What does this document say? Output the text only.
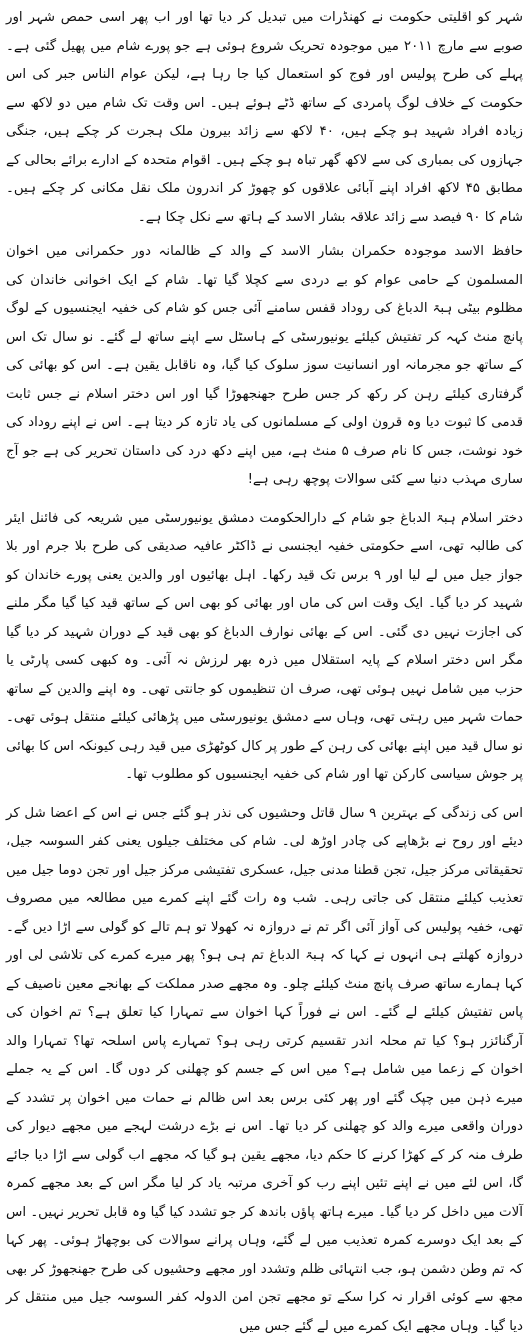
شہر کو اقلیتی حکومت نے کھنڈرات میں تبدیل کر دیا تھا اور اب پھر اسی حمص شہر اور صوبے سے مارچ ۲۰۱۱ میں موجودہ تحریک شروع ہوئی ہے جو پورے شام میں پھیل گئی ہے۔ پہلے کی طرح پولیس اور فوج کو استعمال کیا جا رہا ہے، لیکن عوام الناس جبر کی اس حکومت کے خلاف لوگ پامردی کے ساتھ ڈٹے ہوئے ہیں۔ اس وقت تک شام میں دو لاکھ سے زیادہ افراد شہید ہو چکے ہیں، ۴۰ لاکھ سے زائد بیرون ملک ہجرت کر چکے ہیں، جنگی جہازوں کی بمباری کی سے لاکھ گھر تباہ ہو چکے ہیں۔ اقوام متحدہ کے ادارے برائے بحالی کے مطابق ۴۵ لاکھ افراد اپنے آبائی علاقوں کو چھوڑ کر اندرون ملک نقل مکانی کر چکے ہیں۔ شام کا ۹۰ فیصد سے زائد علاقہ بشار الاسد کے ہاتھ سے نکل چکا ہے۔

حافظ الاسد موجودہ حکمران بشار الاسد کے والد کے ظالمانہ دور حکمرانی میں اخوان المسلمون کے حامی عوام کو بے دردی سے کچلا گیا تھا۔ شام کے ایک اخوانی خاندان کی مظلوم بیٹی ہبۃ الدباغ کی روداد قفس سامنے آئی جس کو شام کی خفیہ ایجنسیوں کے لوگ پانچ منٹ کہہ کر تفتیش کیلئے یونیورسٹی کے ہاسٹل سے اپنے ساتھ لے گئے۔ نو سال تک اس کے ساتھ جو مجرمانہ اور انسانیت سوز سلوک کیا گیا، وہ ناقابل یقین ہے۔ اس کو بھائی کی گرفتاری کیلئے رہن کر رکھ کر جس طرح جھنجھوڑا گیا اور اس دختر اسلام نے جس ثابت قدمی کا ثبوت دیا وہ قرون اولی کے مسلمانوں کی یاد تازہ کر دیتا ہے۔ اس نے اپنے روداد کی خود نوشت، جس کا نام صرف ۵ منٹ ہے، میں اپنے دکھ درد کی داستان تحریر کی ہے جو آج ساری مہذب دنیا سے کئی سوالات پوچھ رہی ہے!

دختر اسلام ہبۃ الدباغ جو شام کے دارالحکومت دمشق یونیورسٹی میں شریعہ کی فائنل ایئر کی طالبہ تھی، اسے حکومتی خفیہ ایجنسی نے ڈاکٹر عافیہ صدیقی کی طرح بلا جرم اور بلا جواز جیل میں لے لیا اور ۹ برس تک قید رکھا۔ اہل بھائیوں اور والدین یعنی پورے خاندان کو شہید کر دیا گیا۔ ایک وقت اس کی ماں اور بھائی کو بھی اس کے ساتھ قید کیا گیا مگر ملنے کی اجازت نہیں دی گئی۔ اس کے بھائی نوارف الدباغ کو بھی قید کے دوران شہید کر دیا گیا مگر اس دختر اسلام کے پایہ استقلال میں ذرہ بھر لرزش نہ آئی۔ وہ کبھی کسی پارٹی یا حزب میں شامل نہیں ہوئی تھی، صرف ان تنظیموں کو جانتی تھی۔ وہ اپنے والدین کے ساتھ حمات شہر میں رہتی تھی، وہاں سے دمشق یونیورسٹی میں پڑھائی کیلئے منتقل ہوئی تھی۔ نو سال قید میں اپنے بھائی کی رہن کے طور پر کال کوٹھڑی میں قید رہی کیونکہ اس کا بھائی پر جوش سیاسی کارکن تھا اور شام کی خفیہ ایجنسیوں کو مطلوب تھا۔

اس کی زندگی کے بہترین ۹ سال قاتل وحشیوں کی نذر ہو گئے جس نے اس کے اعضا شل کر دیئے اور روح نے بڑھاپے کی چادر اوڑھ لی۔ شام کی مختلف جیلوں یعنی کفر السوسہ جیل، تحقیقاتی مرکز جیل، تجن قطنا مدنی جیل، عسکری تفتیشی مرکز جیل اور تجن دوما جیل میں تعذیب کیلئے منتقل کی جاتی رہی۔ شب وہ رات گئے اپنے کمرے میں مطالعہ میں مصروف تھی، خفیہ پولیس کی آواز آئی اگر تم نے دروازہ نہ کھولا تو ہم تالے کو گولی سے اڑا دیں گے۔ دروازہ کھلتے ہی انہوں نے کہا کہ ہبۃ الدباغ تم ہی ہو؟ پھر میرے کمرے کی تلاشی لی اور کہا ہمارے ساتھ صرف پانچ منٹ کیلئے چلو۔ وہ مجھے صدر مملکت کے بھانجے معین ناصیف کے پاس تفتیش کیلئے لے گئے۔ اس نے فوراً کہا اخوان سے تمہارا کیا تعلق ہے؟ تم اخوان کی آرگنائزر ہو؟ کیا تم محلہ اندر تقسیم کرتی رہی ہو؟ تمہارے پاس اسلحہ تھا؟ تمہارا والد اخوان کے زعما میں شامل ہے؟ میں اس کے جسم کو چھلنی کر دوں گا۔ اس کے یہ جملے میرے ذہن میں چپک گئے اور پھر کئی برس بعد اس ظالم نے حمات میں اخوان پر تشدد کے دوران واقعی میرے والد کو چھلنی کر دیا تھا۔ اس نے بڑے درشت لہجے میں مجھے دیوار کی طرف منہ کر کے کھڑا کرنے کا حکم دیا، مجھے یقین ہو گیا کہ مجھے اب گولی سے اڑا دیا جائے گا، اس لئے میں نے اپنے تئیں اپنے رب کو آخری مرتبہ یاد کر لیا مگر اس کے بعد مجھے کمرہ آلات میں داخل کر دیا گیا۔ میرے ہاتھ پاؤں باندھ کر جو تشدد کیا گیا وہ قابل تحریر نہیں۔ اس کے بعد ایک دوسرے کمرہ تعذیب میں لے گئے، وہاں پرانے سوالات کی بوچھاڑ ہوئی۔ پھر کہا کہ تم وطن دشمن ہو، جب انتہائی ظلم وتشدد اور مجھے وحشیوں کی طرح جھنجھوڑ کر بھی مجھ سے کوئی اقرار نہ کرا سکے تو مجھے تجن امن الدولہ کفر السوسہ جیل میں منتقل کر دیا گیا۔ وہاں مجھے ایک کمرے میں لے گئے جس میں
